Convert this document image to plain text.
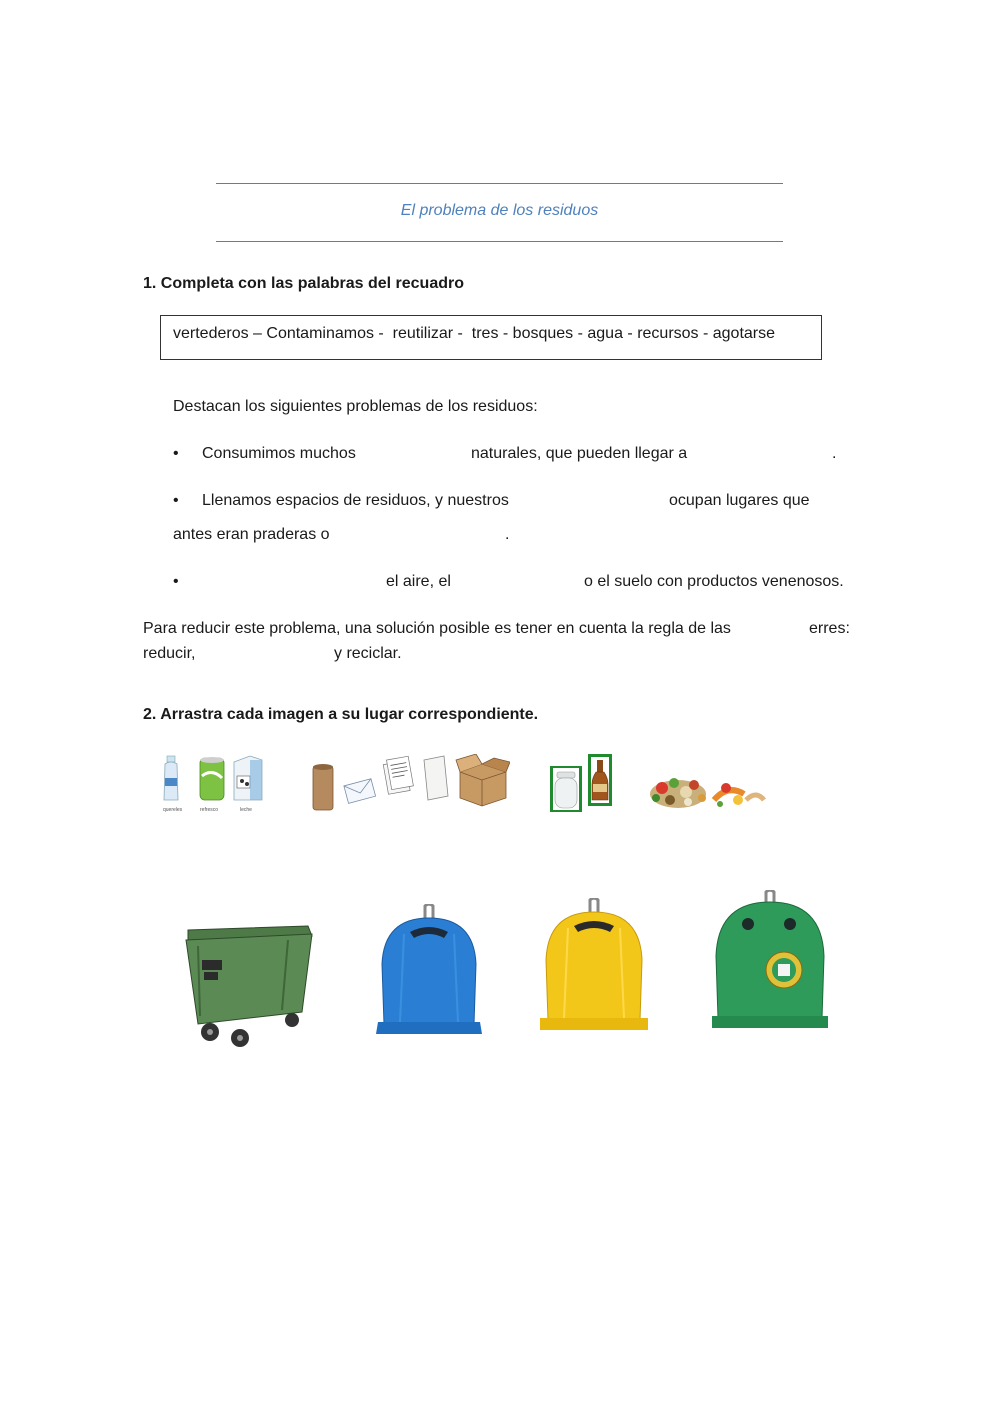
El problema de los residuos
1. Completa con las palabras del recuadro
vertederos – Contaminamos -  reutilizar -  tres - bosques - agua - recursos - agotarse
Destacan los siguientes problemas de los residuos:
• Consumimos muchos	naturales, que pueden llegar a	.
• Llenamos espacios de residuos, y nuestros	ocupan lugares que
antes eran praderas o	.
•	el aire, el	o el suelo con productos venenosos.
Para reducir este problema, una solución posible es tener en cuenta la regla de las	erres:
reducir,	y reciclar.
2. Arrastra cada imagen a su lugar correspondiente.
quereles	refresco	leche
